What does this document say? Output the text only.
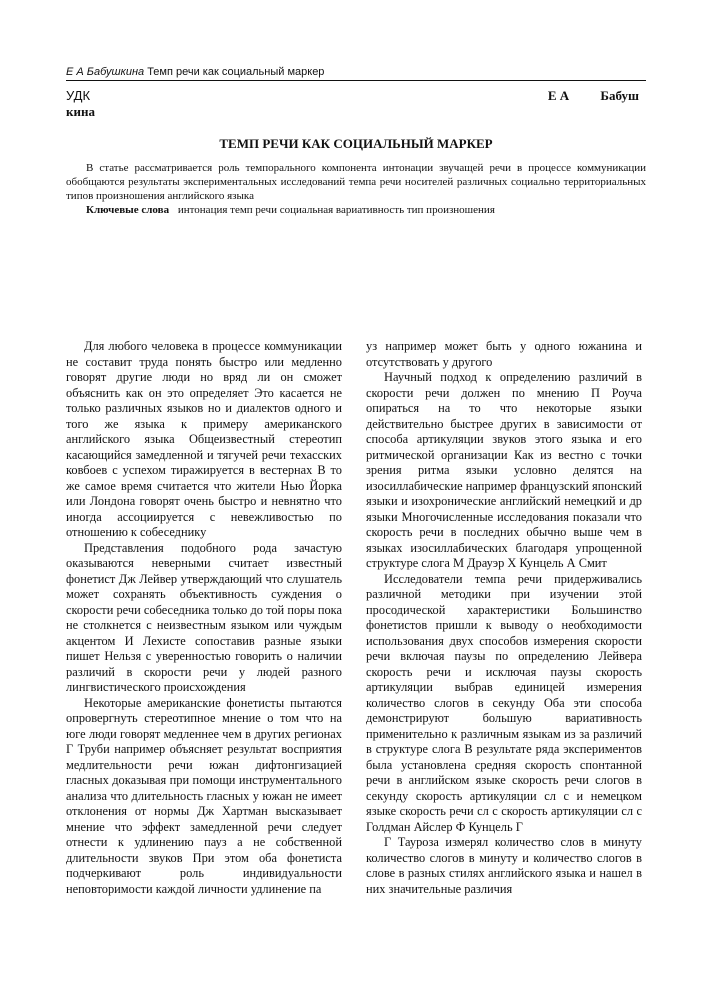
Е А Бабушкина Темп речи как социальный маркер
УДК	Е А Бабуш
кина
ТЕМП РЕЧИ КАК СОЦИАЛЬНЫЙ МАРКЕР

В статье рассматривается роль темпорального компонента интонации звучащей речи в процессе коммуникации обобщаются результаты экспериментальных исследований темпа речи носителей различных социально территориальных типов произношения английского языка

Ключевые слова интонация темп речи социальная вариативность тип произношения

Для любого человека в процессе коммуникации не составит труда понять быстро или медленно говорят другие люди но вряд ли он сможет объяснить как он это определяет Это касается не только различных языков но и диалектов одного и того же языка к примеру американского английского языка Общеизвестный стереотип касающийся замедленной и тягучей речи техасских ковбоев с успехом тиражируется в вестернах В то же самое время считается что жители Нью Йорка или Лондона говорят очень быстро и невнятно что иногда ассоциируется с невежливостью по отношению к собеседнику

Представления подобного рода зачастую оказываются неверными считает известный фонетист Дж Лейвер утверждающий что слушатель может сохранять объективность суждения о скорости речи собеседника только до той поры пока не столкнется с неизвестным языком или чуждым акцентом И Лехисте сопоставив разные языки пишет Нельзя с уверенностью говорить о наличии различий в скорости речи у людей разного лингвистического происхождения

Некоторые американские фонетисты пытаются опровергнуть стереотипное мнение о том что на юге люди говорят медленнее чем в других регионах Г Труби например объясняет результат восприятия медлительности речи южан дифтонгизацией гласных доказывая при помощи инструментального анализа что длительность гласных у южан не имеет отклонения от нормы Дж Хартман высказывает мнение что эффект замедленной речи следует отнести к удлинению пауз а не собственной длительности звуков При этом оба фонетиста подчеркивают роль индивидуальности неповторимости каждой личности удлинение па

уз например может быть у одного южанина и отсутствовать у другого

Научный подход к определению различий в скорости речи должен по мнению П Роуча опираться на то что некоторые языки действительно быстрее других в зависимости от способа артикуляции звуков этого языка и его ритмической организации Как из вестно с точки зрения ритма языки условно делятся на изосиллабические например французский японский языки и изохронические английский немецкий и др языки Многочисленные исследования показали что скорость речи в последних обычно выше чем в языках изосиллабических благодаря упрощенной структуре слога М Драуэр Х Кунцель А Смит

Исследователи темпа речи придерживались различной методики при изучении этой просодической характеристики Большинство фонетистов пришли к выводу о необходимости использования двух способов измерения скорости речи включая паузы по определению Лейвера скорость речи и исключая паузы скорость артикуляции выбрав единицей измерения количество слогов в секунду Оба эти способа демонстрируют большую вариативность применительно к различным языкам из за различий в структуре слога В результате ряда экспериментов была установлена средняя скорость спонтанной речи в английском языке скорость речи слогов в секунду скорость артикуляции сл с и немецком языке скорость речи сл с скорость артикуляции сл с Голдман Айслер Ф Кунцель Г

Г Тауроза измерял количество слов в минуту количество слогов в минуту и количество слогов в слове в разных стилях английского языка и нашел в них значительные различия
